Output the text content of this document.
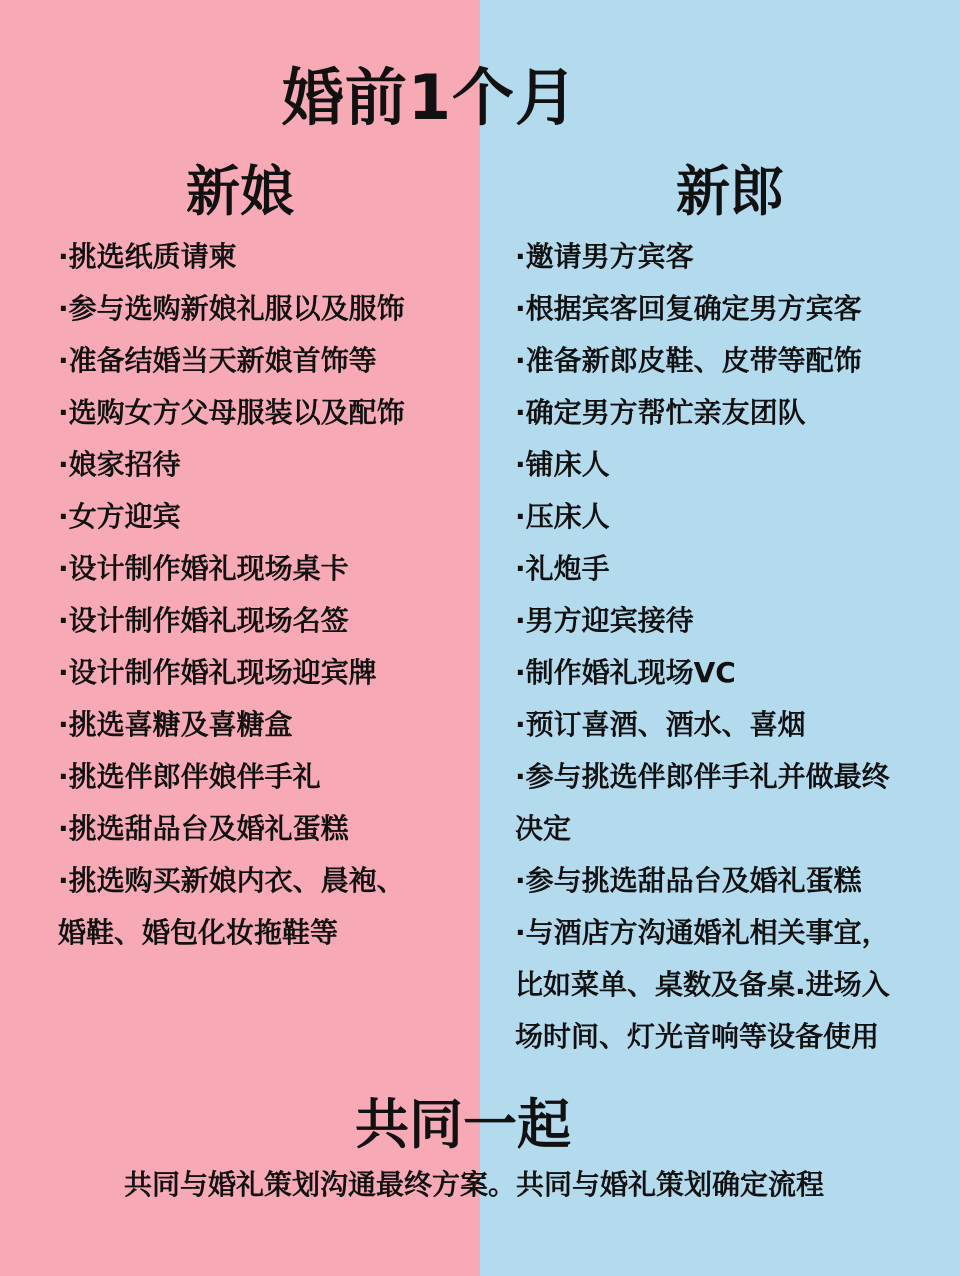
婚前1个月
新娘	新郎
·挑选纸质请柬
·参与选购新娘礼服以及服饰
·准备结婚当天新娘首饰等
·选购女方父母服装以及配饰
·娘家招待
·女方迎宾
·设计制作婚礼现场桌卡
·设计制作婚礼现场名签
·设计制作婚礼现场迎宾牌
·挑选喜糖及喜糖盒
·挑选伴郎伴娘伴手礼
·挑选甜品台及婚礼蛋糕
·挑选购买新娘内衣、晨袍、
婚鞋、婚包化妆拖鞋等
·邀请男方宾客
·根据宾客回复确定男方宾客
·准备新郎皮鞋、皮带等配饰
·确定男方帮忙亲友团队
·铺床人
·压床人
·礼炮手
·男方迎宾接待
·制作婚礼现场VC
·预订喜酒、酒水、喜烟
·参与挑选伴郎伴手礼并做最终
决定
·参与挑选甜品台及婚礼蛋糕
·与酒店方沟通婚礼相关事宜，
比如菜单、桌数及备桌.进场入
场时间、灯光音响等设备使用
共同一起
共同与婚礼策划沟通最终方案。共同与婚礼策划确定流程
